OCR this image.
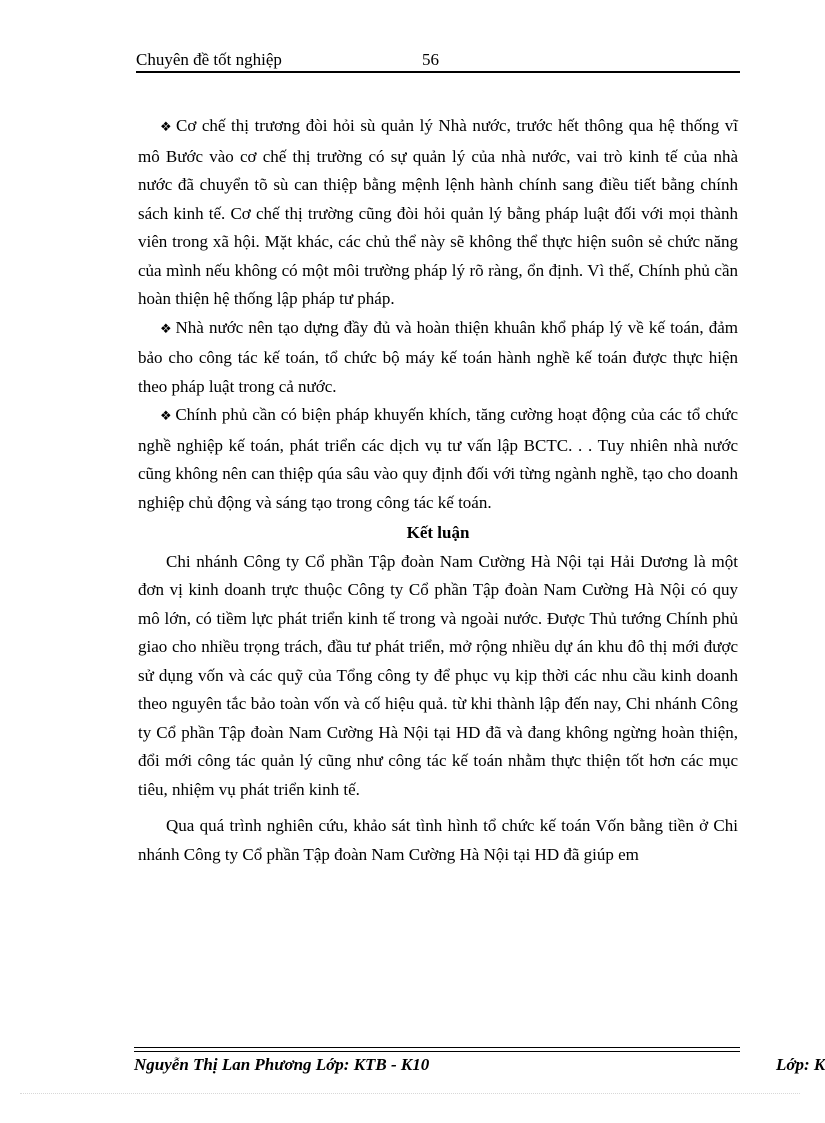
Chuyên đề tốt nghiệp	56

❖ Cơ chế thị trương đòi hỏi sù quản lý Nhà nước, trước hết thông qua hệ thống vĩ mô Bước vào cơ chế thị trường có sự quản lý của nhà nước, vai trò kinh tế của nhà nước đã chuyển tõ sù can thiệp bằng mệnh lệnh hành chính sang điều tiết bằng chính sách kinh tế. Cơ chế thị trường cũng đòi hỏi quản lý bằng pháp luật đối với mọi thành viên trong xã hội. Mặt khác, các chủ thể này sẽ không thể thực hiện suôn sẻ chức năng của mình nếu không có một môi trường pháp lý rõ ràng, ổn định. Vì thế, Chính phủ cần hoàn thiện hệ thống lập pháp tư pháp.

❖ Nhà nước nên tạo dựng đầy đủ và hoàn thiện khuân khổ pháp lý về kế toán, đảm bảo cho công tác kế toán, tổ chức bộ máy kế toán hành nghề kế toán được thực hiện theo pháp luật trong cả nước.

❖ Chính phủ cần có biện pháp khuyến khích, tăng cường hoạt động của các tổ chức nghề nghiệp kế toán, phát triển các dịch vụ tư vấn lập BCTC. . . Tuy nhiên nhà nước cũng không nên can thiệp qúa sâu vào quy định đối với từng ngành nghề, tạo cho doanh nghiệp chủ động và sáng tạo trong công tác kế toán.

Kết luận

Chi nhánh Công ty Cổ phần Tập đoàn Nam Cường Hà Nội tại Hải Dương là một đơn vị kinh doanh trực thuộc Công ty Cổ phần Tập đoàn Nam Cường Hà Nội có quy mô lớn, có tiềm lực phát triển kinh tế trong và ngoài nước. Được Thủ tướng Chính phủ giao cho nhiều trọng trách, đầu tư phát triển, mở rộng nhiều dự án khu đô thị mới được sử dụng vốn và các quỹ của Tổng công ty để phục vụ kịp thời các nhu cầu kinh doanh theo nguyên tắc bảo toàn vốn và cố hiệu quả. từ khi thành lập đến nay, Chi nhánh Công ty Cổ phần Tập đoàn Nam Cường Hà Nội tại HD đã và đang không ngừng hoàn thiện, đổi mới công tác quản lý cũng như công tác kế toán nhằm thực thiện tốt hơn các mục tiêu, nhiệm vụ phát triển kinh tế.

Qua quá trình nghiên cứu, khảo sát tình hình tổ chức kế toán Vốn bằng tiền ở Chi nhánh Công ty Cổ phần Tập đoàn Nam Cường Hà Nội tại HD đã giúp em

Nguyễn Thị Lan Phương Lớp: KTB - K10	Lớp: K
